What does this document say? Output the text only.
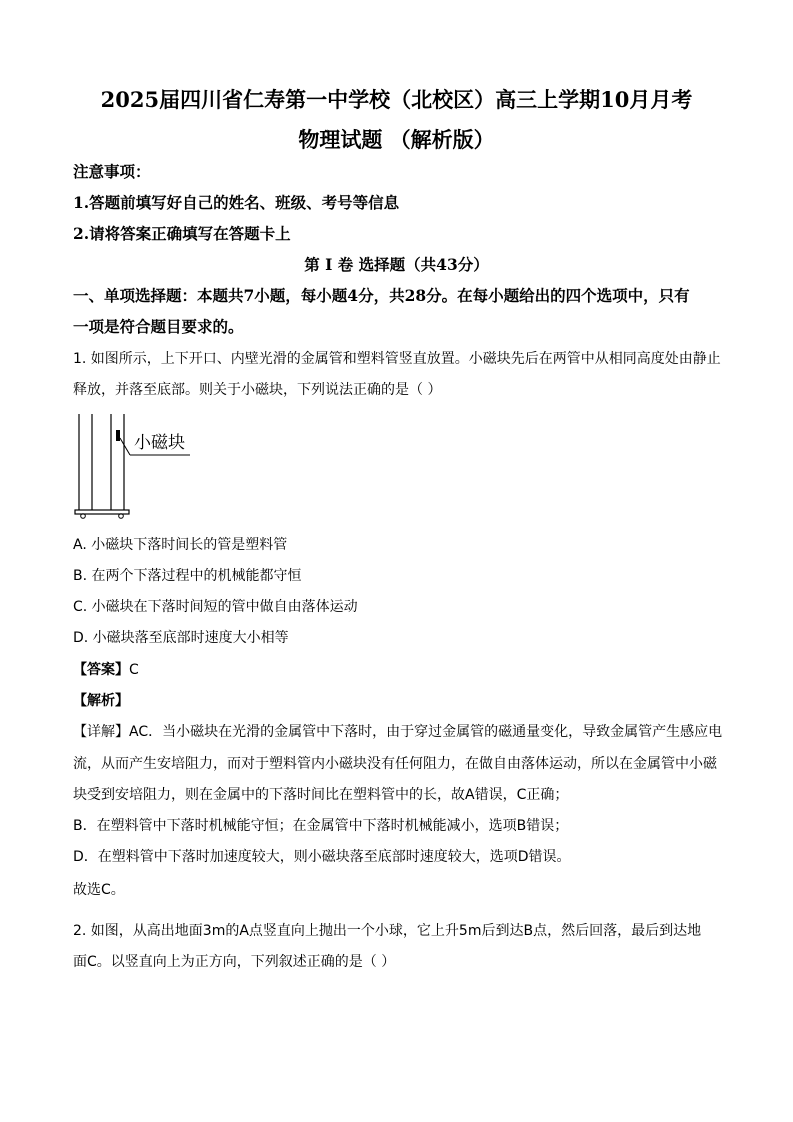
2025届四川省仁寿第一中学校（北校区）高三上学期10月月考
物理试题 （解析版）
注意事项：
1.答题前填写好自己的姓名、班级、考号等信息
2.请将答案正确填写在答题卡上
第 I 卷 选择题（共43分）
一、单项选择题：本题共7小题，每小题4分，共28分。在每小题给出的四个选项中，只有
一项是符合题目要求的。
1. 如图所示，上下开口、内壁光滑的金属管和塑料管竖直放置。小磁块先后在两管中从相同高度处由静止
释放，并落至底部。则关于小磁块，下列说法正确的是（ ）
小磁块
A. 小磁块下落时间长的管是塑料管
B. 在两个下落过程中的机械能都守恒
C. 小磁块在下落时间短的管中做自由落体运动
D. 小磁块落至底部时速度大小相等
【答案】C
【解析】
【详解】AC．当小磁块在光滑的金属管中下落时，由于穿过金属管的磁通量变化，导致金属管产生感应电
流，从而产生安培阻力，而对于塑料管内小磁块没有任何阻力，在做自由落体运动，所以在金属管中小磁
块受到安培阻力，则在金属中的下落时间比在塑料管中的长，故A错误，C正确；
B．在塑料管中下落时机械能守恒；在金属管中下落时机械能减小，选项B错误；
D．在塑料管中下落时加速度较大，则小磁块落至底部时速度较大，选项D错误。
故选C。
2. 如图，从高出地面3m的A点竖直向上抛出一个小球，它上升5m后到达B点，然后回落，最后到达地
面C。以竖直向上为正方向，下列叙述正确的是（ ）
